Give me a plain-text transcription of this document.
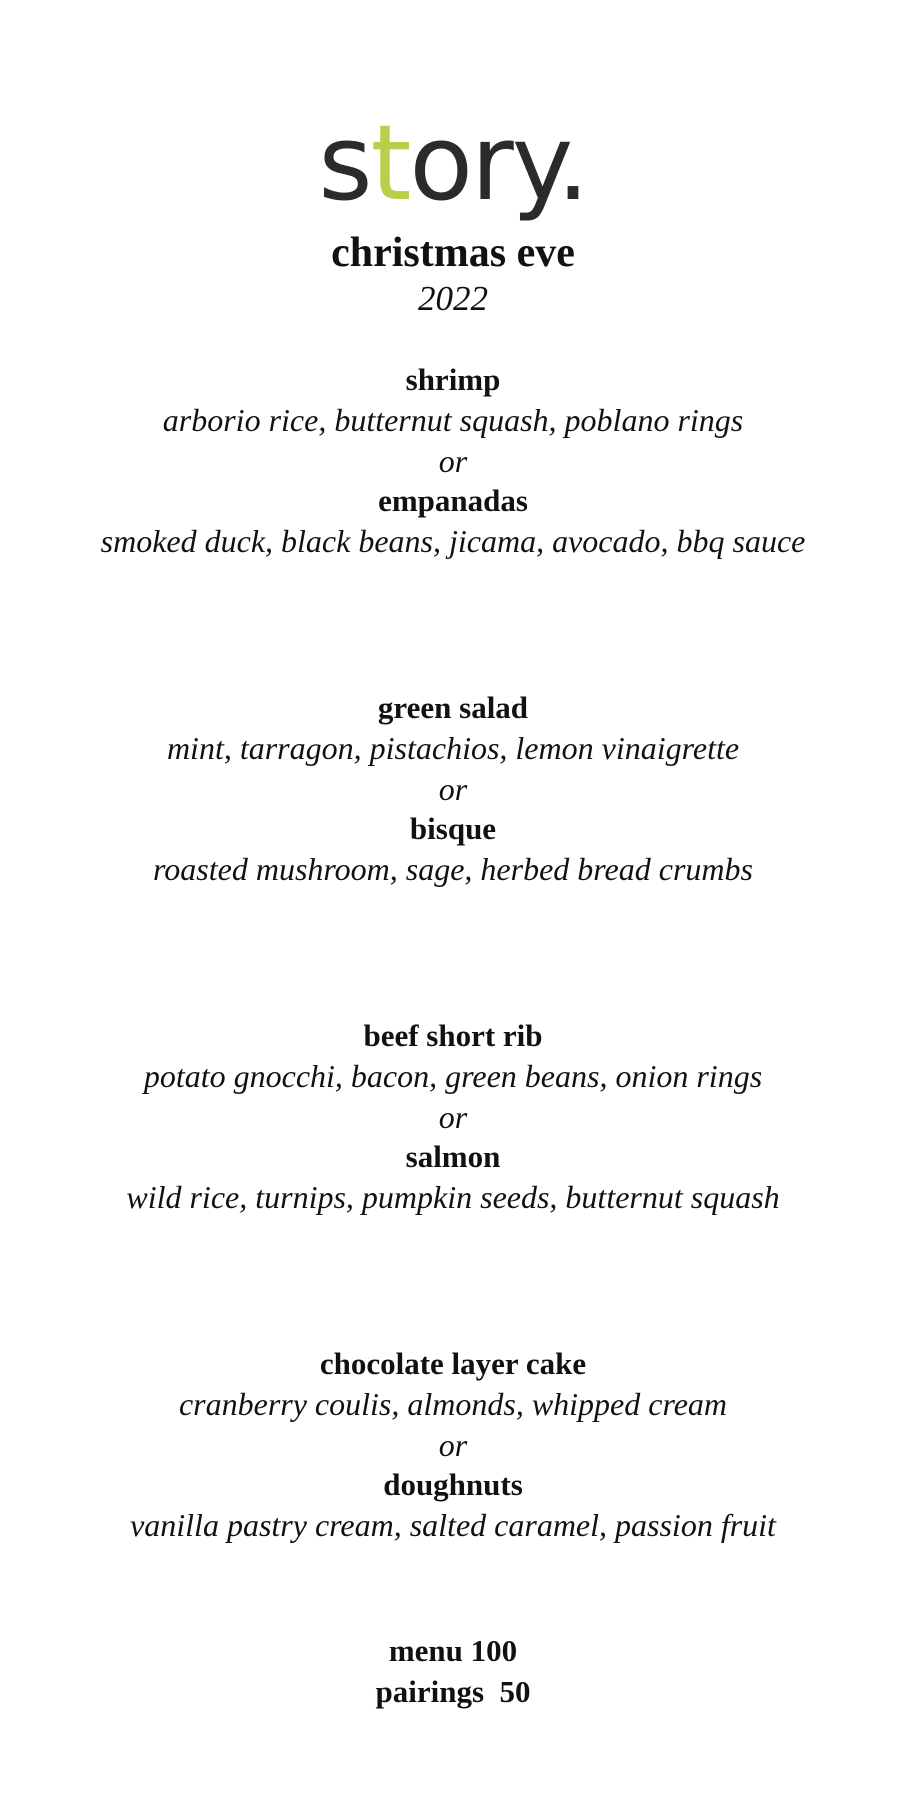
story.
christmas eve
2022
shrimp
arborio rice, butternut squash, poblano rings
or
empanadas
smoked duck, black beans, jicama, avocado, bbq sauce
green salad
mint, tarragon, pistachios, lemon vinaigrette
or
bisque
roasted mushroom, sage, herbed bread crumbs
beef short rib
potato gnocchi, bacon, green beans, onion rings
or
salmon
wild rice, turnips, pumpkin seeds, butternut squash
chocolate layer cake
cranberry coulis, almonds, whipped cream
or
doughnuts
vanilla pastry cream, salted caramel, passion fruit
menu 100
pairings  50
